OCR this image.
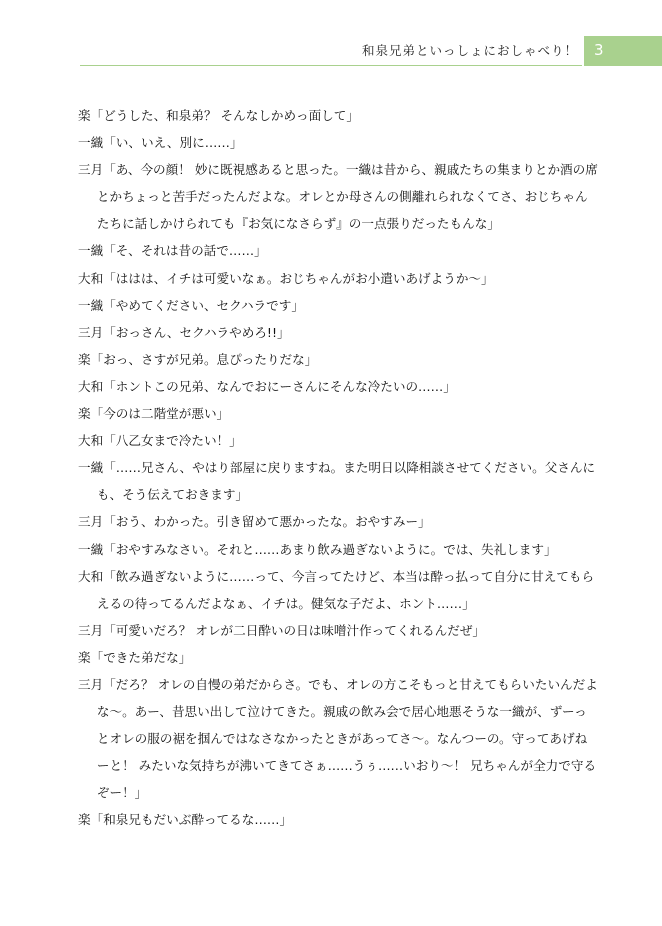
和泉兄弟といっしょにおしゃべり！ 3
楽「どうした、和泉弟？ そんなしかめっ面して」
一織「い、いえ、別に……」
三月「あ、今の顔！ 妙に既視感あると思った。一織は昔から、親戚たちの集まりとか酒の席とかちょっと苦手だったんだよな。オレとか母さんの側離れられなくてさ、おじちゃんたちに話しかけられても『お気になさらず』の一点張りだったもんな」
一織「そ、それは昔の話で……」
大和「ははは、イチは可愛いなぁ。おじちゃんがお小遣いあげようか～」
一織「やめてください、セクハラです」
三月「おっさん、セクハラやめろ!!」
楽「おっ、さすが兄弟。息ぴったりだな」
大和「ホントこの兄弟、なんでおにーさんにそんな冷たいの……」
楽「今のは二階堂が悪い」
大和「八乙女まで冷たい！」
一織「……兄さん、やはり部屋に戻りますね。また明日以降相談させてください。父さんにも、そう伝えておきます」
三月「おう、わかった。引き留めて悪かったな。おやすみー」
一織「おやすみなさい。それと……あまり飲み過ぎないように。では、失礼します」
大和「飲み過ぎないように……って、今言ってたけど、本当は酔っ払って自分に甘えてもらえるの待ってるんだよなぁ、イチは。健気な子だよ、ホント……」
三月「可愛いだろ？ オレが二日酔いの日は味噌汁作ってくれるんだぜ」
楽「できた弟だな」
三月「だろ？ オレの自慢の弟だからさ。でも、オレの方こそもっと甘えてもらいたいんだよな～。あー、昔思い出して泣けてきた。親戚の飲み会で居心地悪そうな一織が、ずーっとオレの服の裾を掴んではなさなかったときがあってさ～。なんつーの。守ってあげねーと！ みたいな気持ちが沸いてきてさぁ……うぅ……いおり～！ 兄ちゃんが全力で守るぞー！」
楽「和泉兄もだいぶ酔ってるな……」
